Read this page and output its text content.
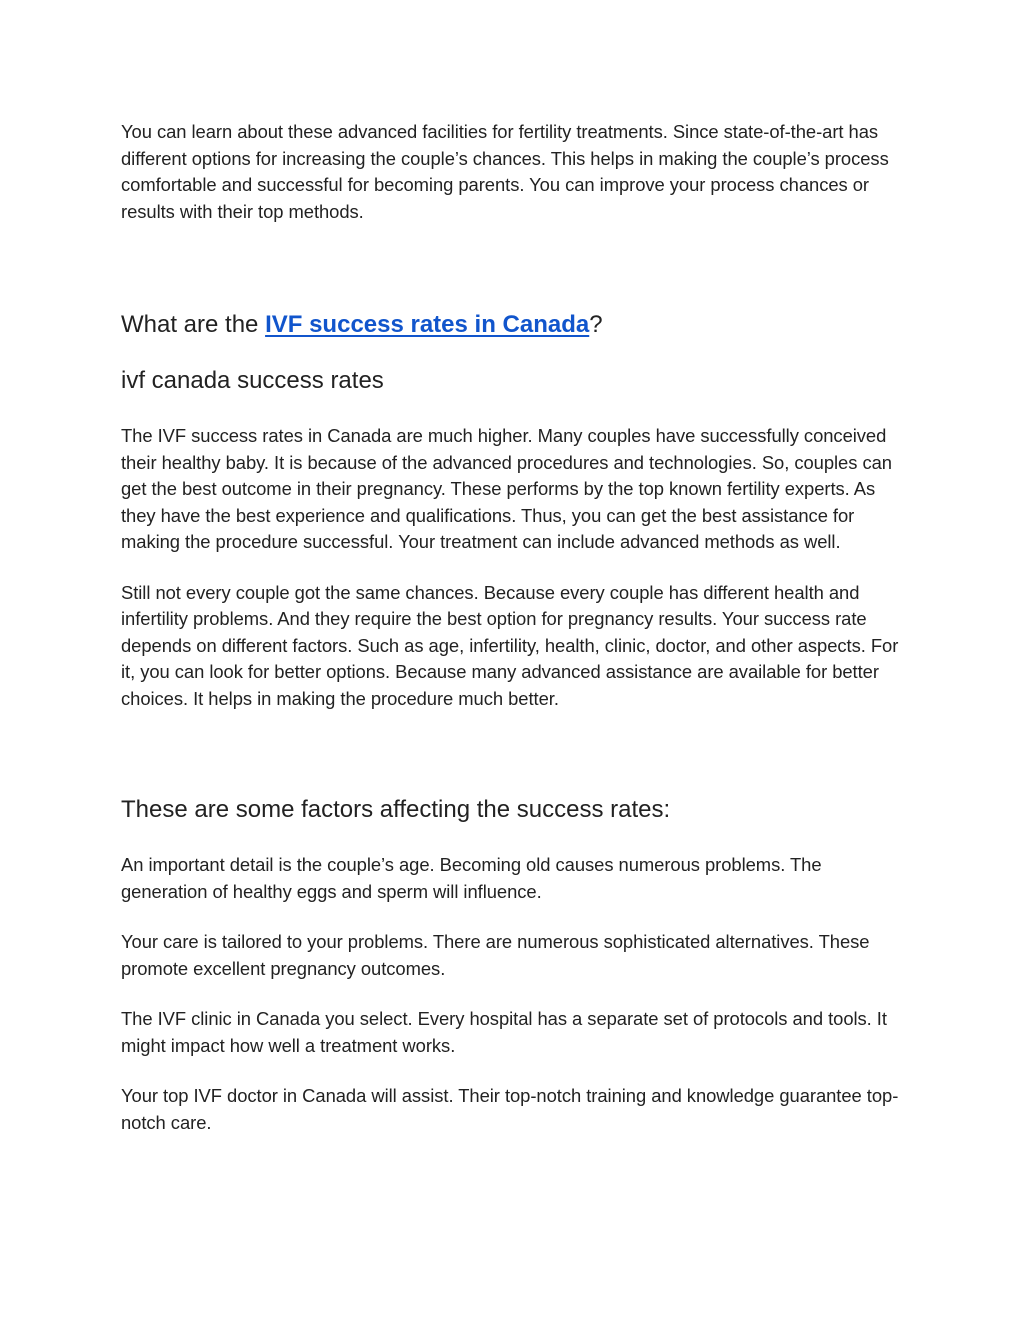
You can learn about these advanced facilities for fertility treatments. Since state-of-the-art has different options for increasing the couple’s chances. This helps in making the couple’s process comfortable and successful for becoming parents. You can improve your process chances or results with their top methods.

What are the IVF success rates in Canada?
ivf canada success rates

The IVF success rates in Canada are much higher. Many couples have successfully conceived their healthy baby. It is because of the advanced procedures and technologies. So, couples can get the best outcome in their pregnancy. These performs by the top known fertility experts. As they have the best experience and qualifications. Thus, you can get the best assistance for making the procedure successful. Your treatment can include advanced methods as well.

Still not every couple got the same chances. Because every couple has different health and infertility problems. And they require the best option for pregnancy results. Your success rate depends on different factors. Such as age, infertility, health, clinic, doctor, and other aspects. For it, you can look for better options. Because many advanced assistance are available for better choices. It helps in making the procedure much better.

These are some factors affecting the success rates:

An important detail is the couple’s age. Becoming old causes numerous problems. The generation of healthy eggs and sperm will influence.

Your care is tailored to your problems. There are numerous sophisticated alternatives. These promote excellent pregnancy outcomes.

The IVF clinic in Canada you select. Every hospital has a separate set of protocols and tools. It might impact how well a treatment works.

Your top IVF doctor in Canada will assist. Their top-notch training and knowledge guarantee top-notch care.
